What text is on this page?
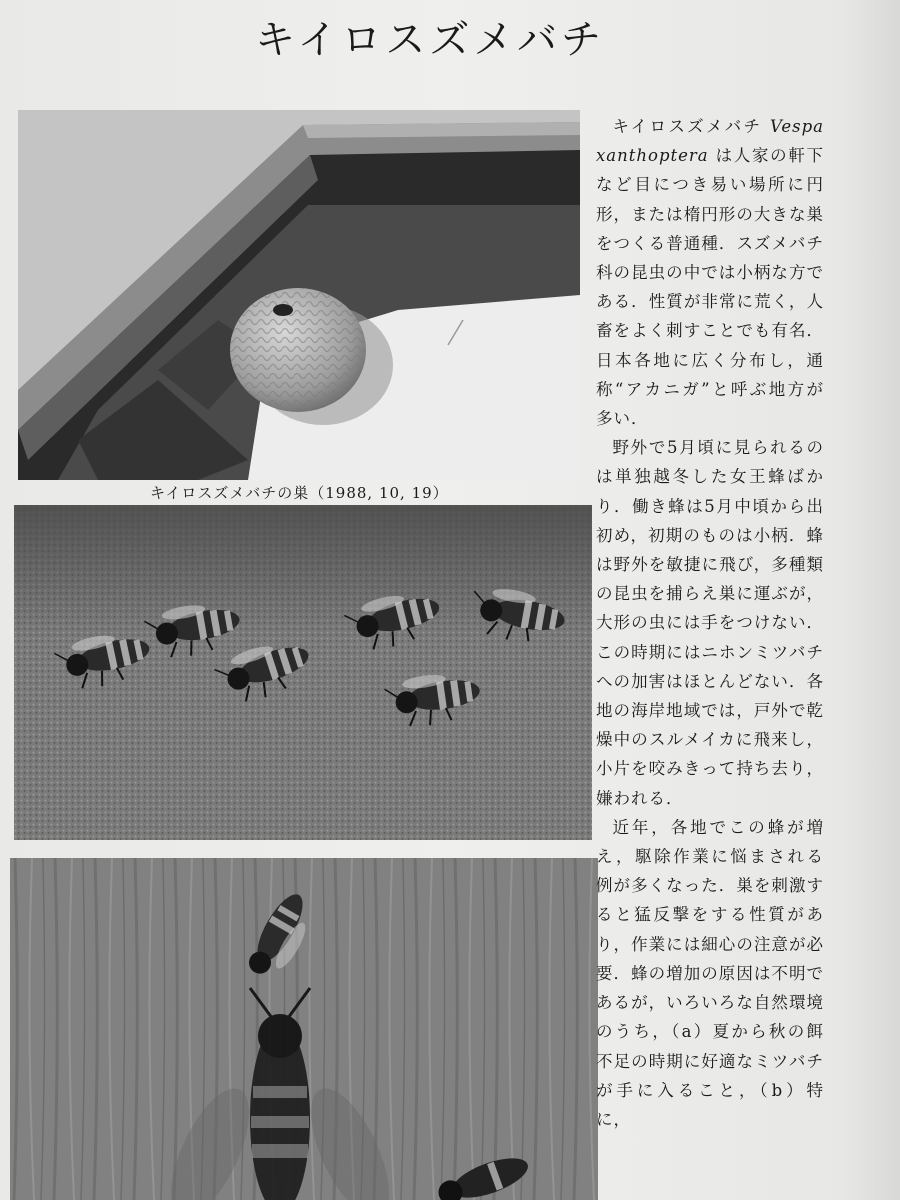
キイロスズメバチ
キイロスズメバチの巣（1988, 10, 19）

キイロスズメバチ Vespa xanthoptera は人家の軒下など目につき易い場所に円形，または楕円形の大きな巣をつくる普通種．スズメバチ科の昆虫の中では小柄な方である．性質が非常に荒く，人畜をよく刺すことでも有名．日本各地に広く分布し，通称“アカニガ”と呼ぶ地方が多い．

野外で5月頃に見られるのは単独越冬した女王蜂ばかり．働き蜂は5月中頃から出初め，初期のものは小柄．蜂は野外を敏捷に飛び，多種類の昆虫を捕らえ巣に運ぶが，大形の虫には手をつけない．この時期にはニホンミツバチへの加害はほとんどない．各地の海岸地域では，戸外で乾燥中のスルメイカに飛来し，小片を咬みきって持ち去り，嫌われる．

近年，各地でこの蜂が増え，駆除作業に悩まされる例が多くなった．巣を刺激すると猛反撃をする性質があり，作業には細心の注意が必要．蜂の増加の原因は不明であるが，いろいろな自然環境のうち，（a）夏から秋の餌不足の時期に好適なミツバチが手に入ること，（b）特に，
